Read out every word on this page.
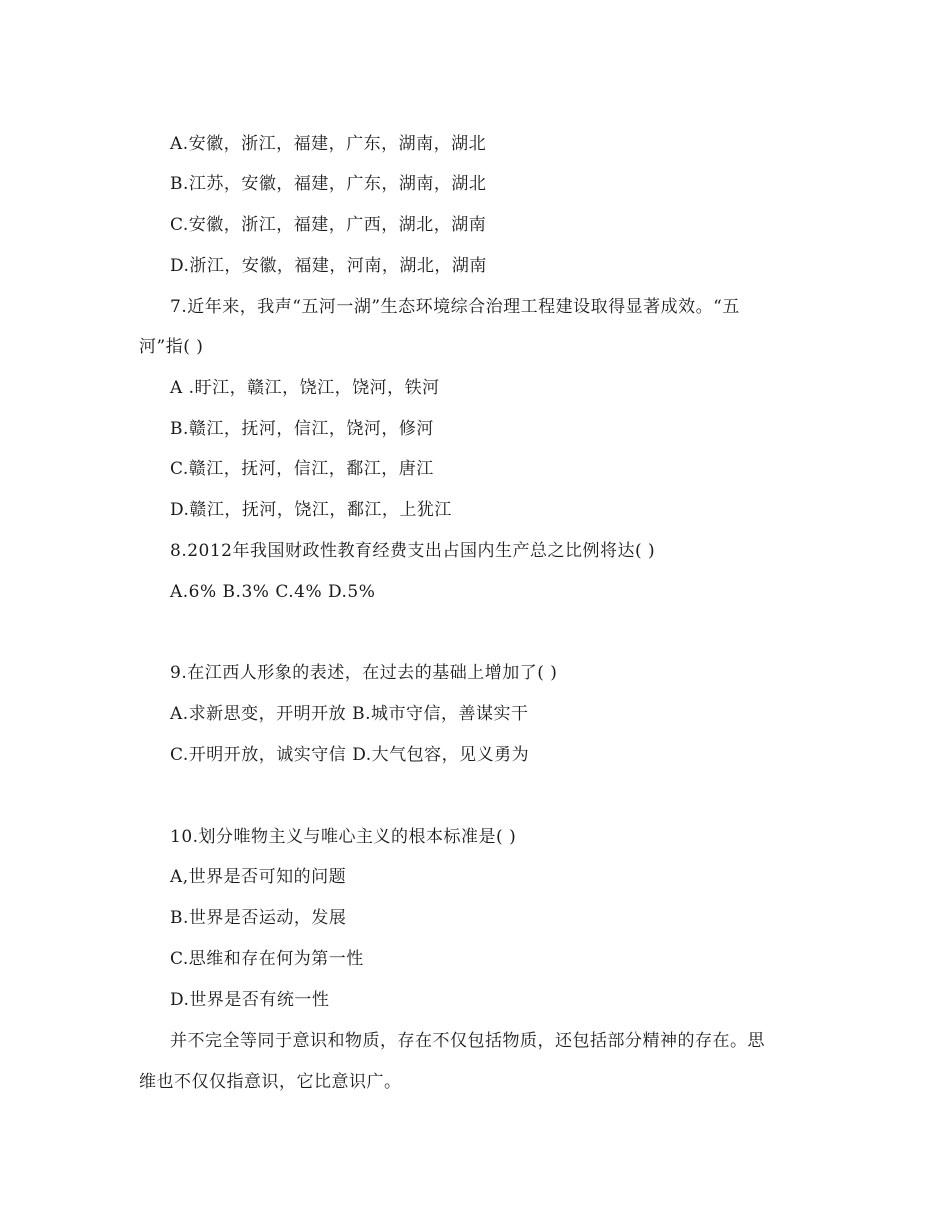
A.安徽，浙江，福建，广东，湖南，湖北
B.江苏，安徽，福建，广东，湖南，湖北
C.安徽，浙江，福建，广西，湖北，湖南
D.浙江，安徽，福建，河南，湖北，湖南
7.近年来，我声“五河一湖”生态环境综合治理工程建设取得显著成效。“五
河”指( )
A .盱江，赣江，饶江，饶河，铁河
B.赣江，抚河，信江，饶河，修河
C.赣江，抚河，信江，鄱江，唐江
D.赣江，抚河，饶江，鄱江，上犹江
8.2012年我国财政性教育经费支出占国内生产总之比例将达( )
A.6% B.3% C.4% D.5%
9.在江西人形象的表述，在过去的基础上增加了( )
A.求新思变，开明开放 B.城市守信，善谋实干
C.开明开放，诚实守信 D.大气包容，见义勇为
10.划分唯物主义与唯心主义的根本标准是( )
A,世界是否可知的问题
B.世界是否运动，发展
C.思维和存在何为第一性
D.世界是否有统一性
并不完全等同于意识和物质，存在不仅包括物质，还包括部分精神的存在。思
维也不仅仅指意识，它比意识广。
